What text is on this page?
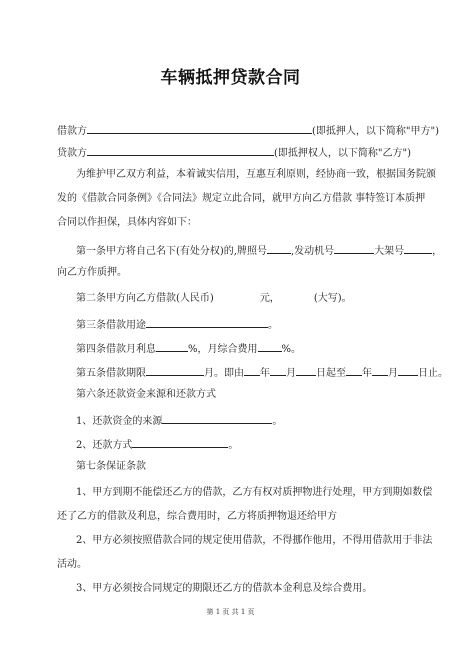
车辆抵押贷款合同
借款方	(即抵押人，以下简称"甲方")
贷款方	(即抵押权人，以下简称"乙方")
为维护甲乙双方利益，本着诚实信用，互惠互利原则，经协商一致，根据国务院颁
发的《借款合同条例》《合同法》规定立此合同，就甲方向乙方借款 事特签订本质押
合同以作担保，具体内容如下：
第一条甲方将自己名下(有处分权)的,牌照号 ,发动机号	大架号	，
向乙方作质押。
第二条甲方向乙方借款(人民币)	元，	(大写)。
第三条借款用途	。
第四条借款月利息	%，月综合费用 %。
第五条借款期限	月。即由 年 月 日起至 年 月 日止。
第六条还款资金来源和还款方式
1、还款资金的来源	。
2、还款方式	。
第七条保证条款
1、甲方到期不能偿还乙方的借款，乙方有权对质押物进行处理，甲方到期如数偿
还了乙方的借款及利息，综合费用时，乙方将质押物退还给甲方
2、甲方必须按照借款合同的规定使用借款，不得挪作他用，不得用借款用于非法
活动。
3、甲方必须按合同规定的期限还乙方的借款本金利息及综合费用。
第 1 页 共 1 页
